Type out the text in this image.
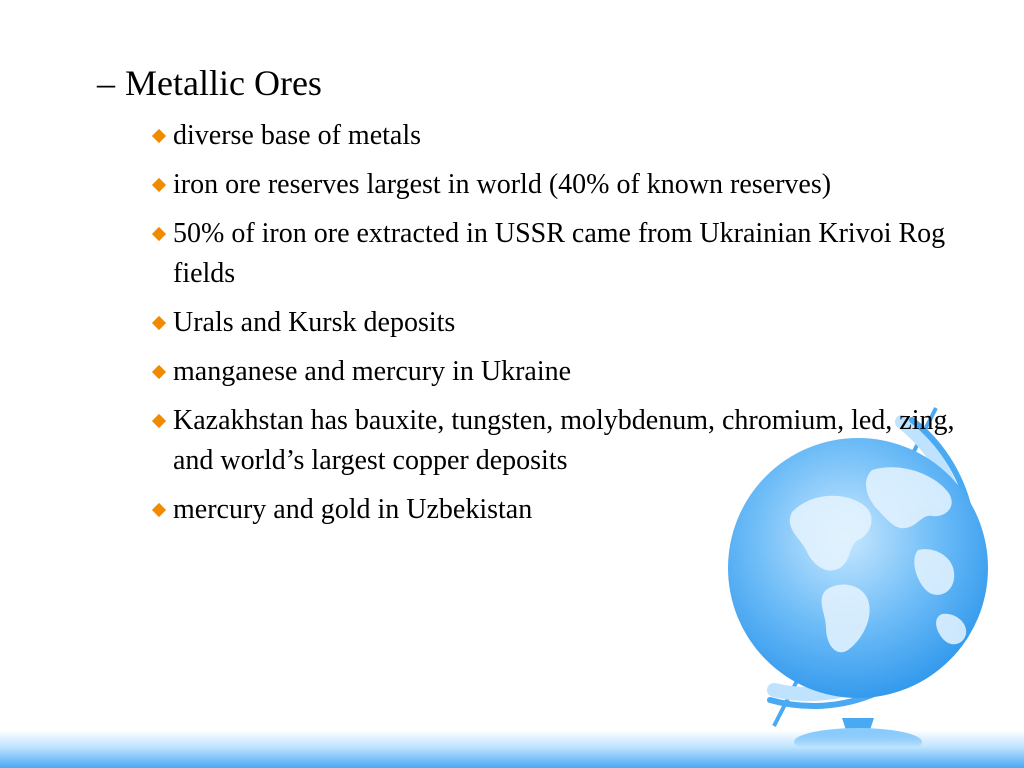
– Metallic Ores
diverse base of metals
iron ore reserves largest in world (40% of known reserves)
50% of iron ore extracted in USSR came from Ukrainian Krivoi Rog fields
Urals and Kursk deposits
manganese and mercury in Ukraine
Kazakhstan has bauxite, tungsten, molybdenum, chromium, led, zing, and world’s largest copper deposits
mercury and gold in Uzbekistan
